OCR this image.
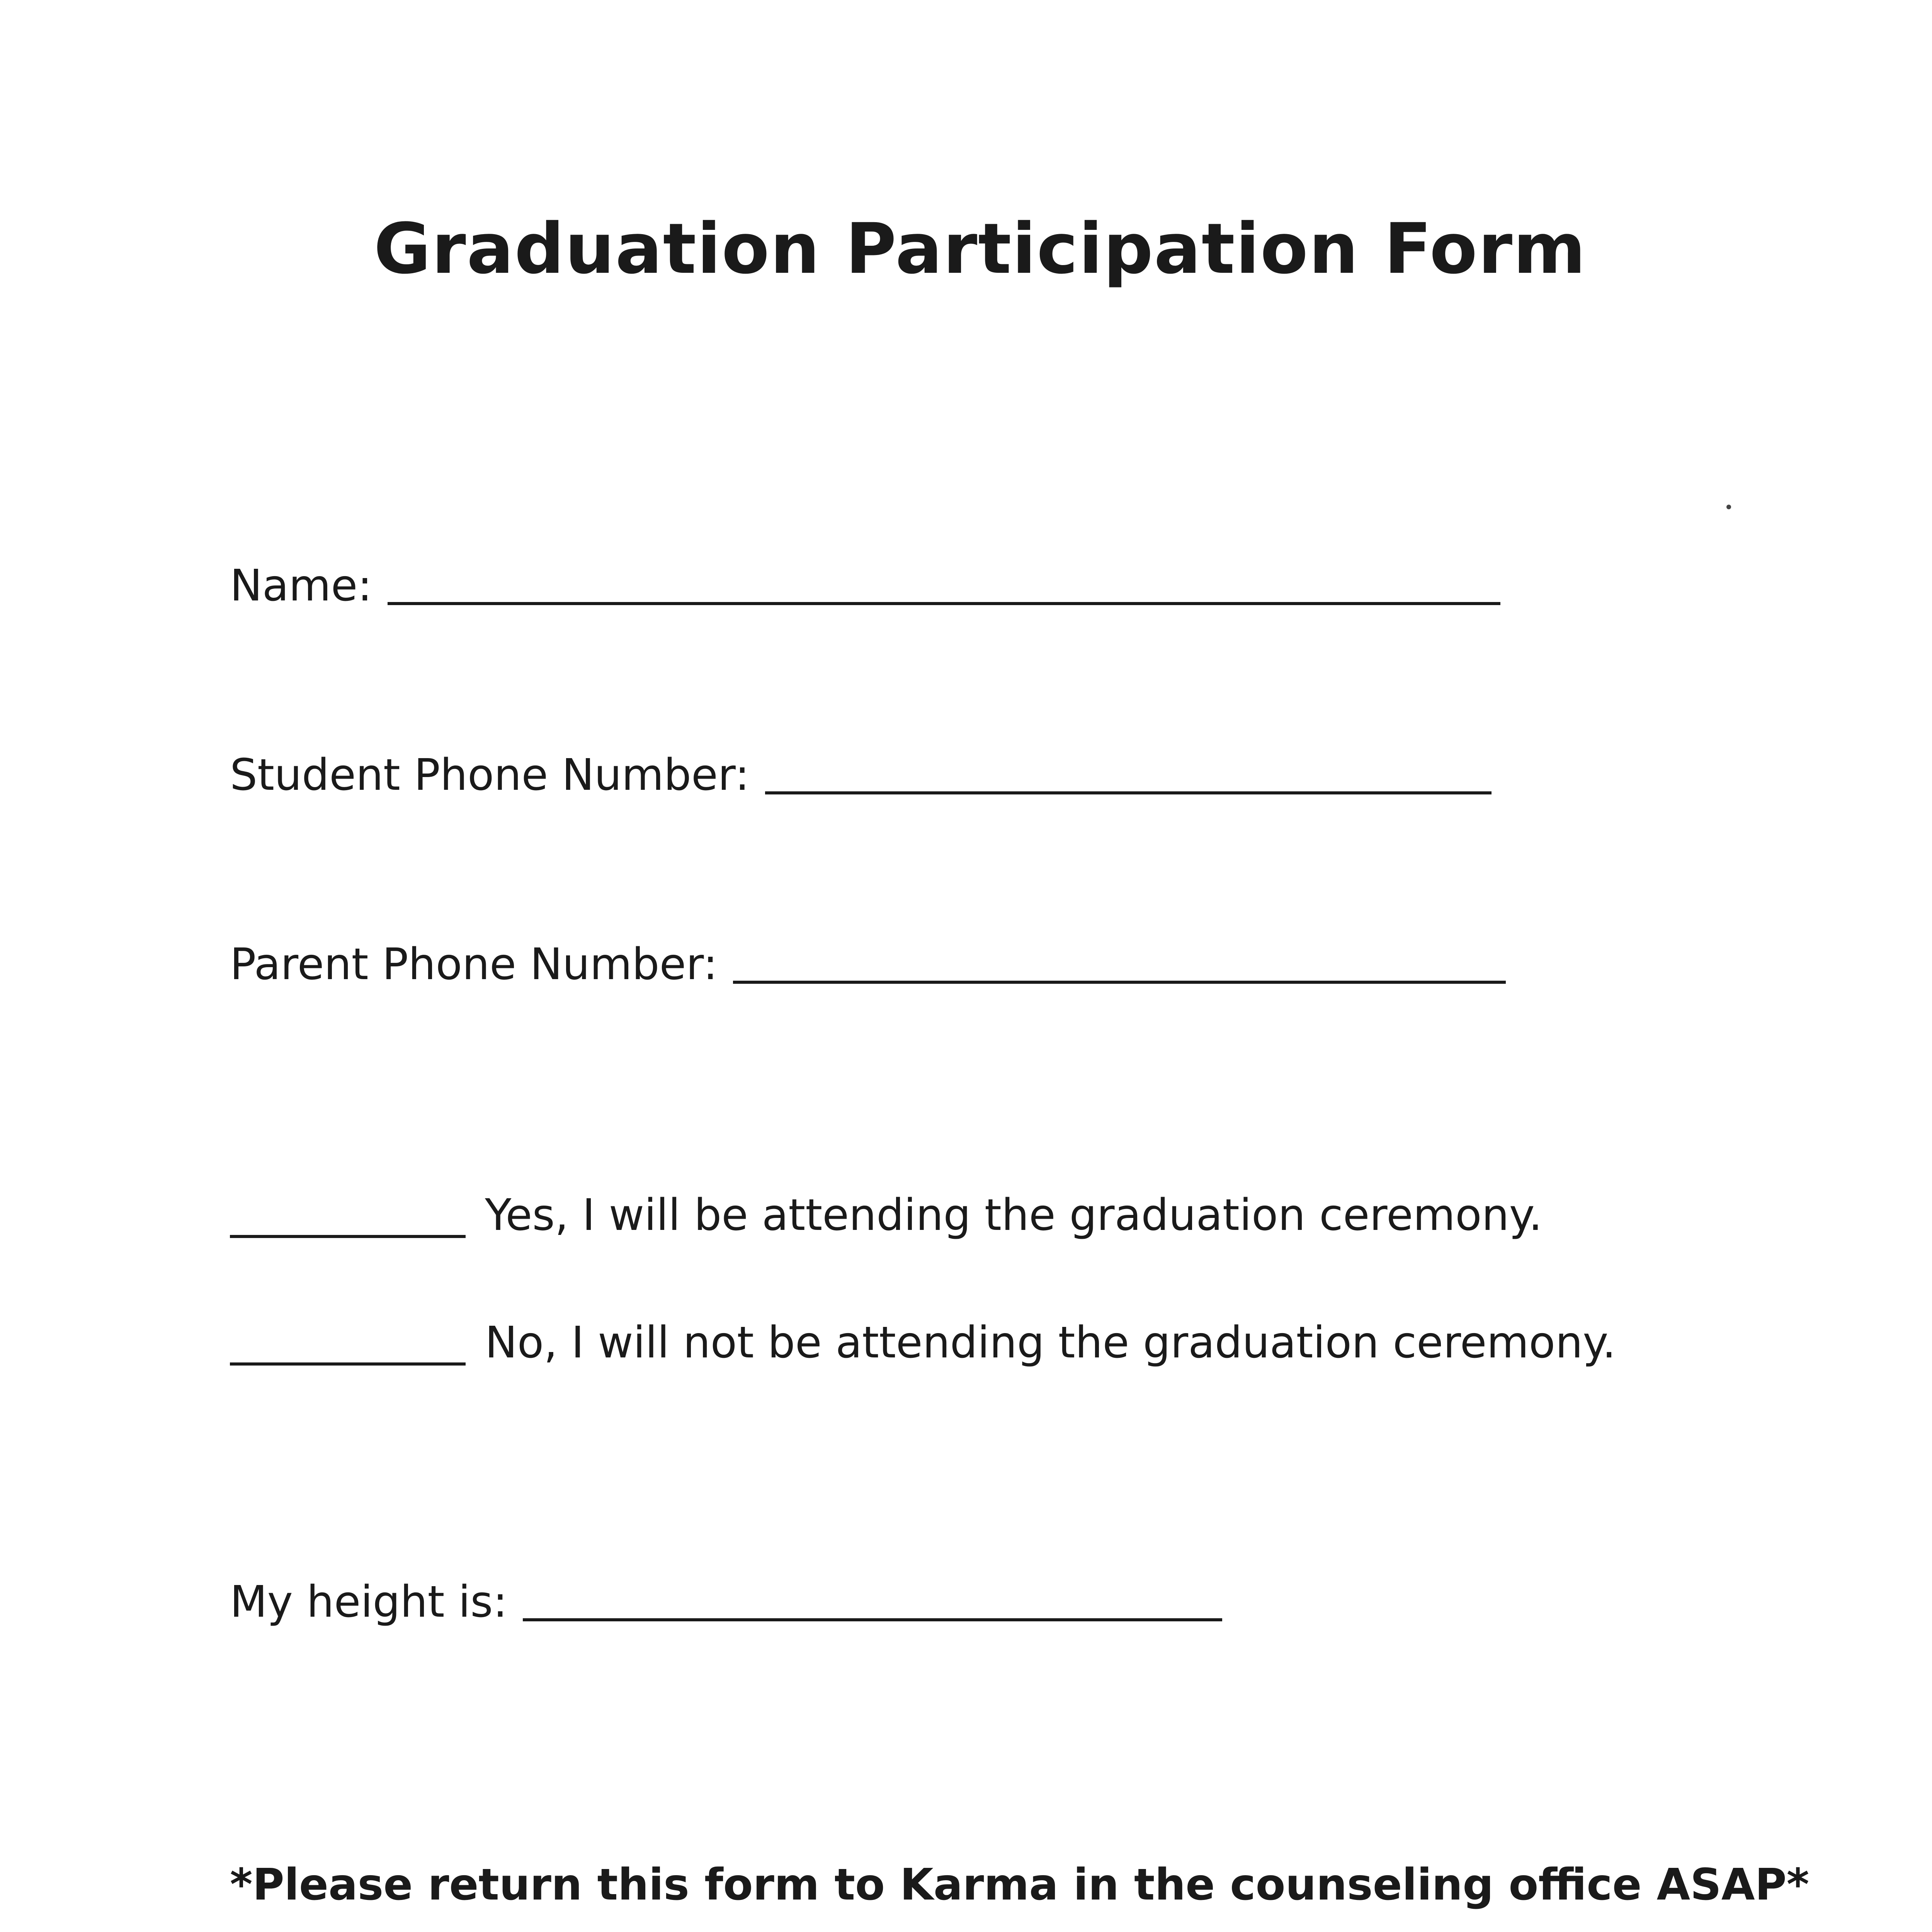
Graduation Participation Form
Name:
Student Phone Number:
Parent Phone Number:
Yes, I will be attending the graduation ceremony.
No, I will not be attending the graduation ceremony.
My height is:
*Please return this form to Karma in the counseling office ASAP*
